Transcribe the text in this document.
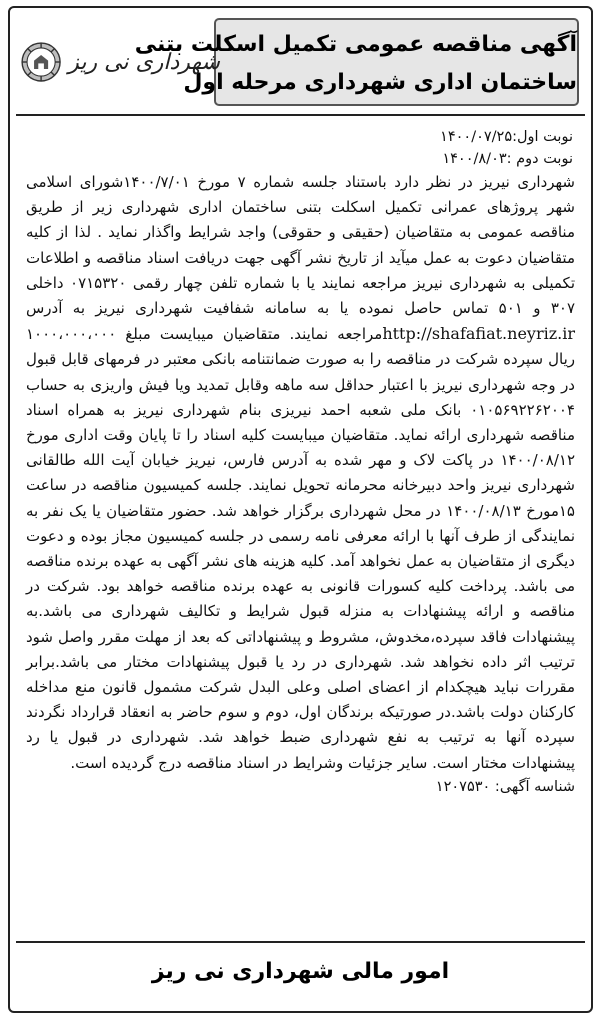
آگهی مناقصه عمومی تکمیل اسکلت بتنی
ساختمان اداری شهرداری مرحله اول
شهرداری نی ریز
نوبت اول:۱۴۰۰/۰۷/۲۵
نوبت دوم :۱۴۰۰/۸/۰۳
شهرداری نیریز در نظر دارد باستناد جلسه شماره ۷ مورخ ۱۴۰۰/۷/۰۱شورای اسلامی شهر پروژهای عمرانی تکمیل اسکلت بتنی ساختمان اداری شهرداری زیر از طریق مناقصه عمومی به متقاضیان (حقیقی و حقوقی) واجد شرایط واگذار نماید . لذا از کلیه متقاضیان دعوت به عمل میآید از تاریخ نشر آگهی جهت دریافت اسناد مناقصه و اطلاعات تکمیلی به شهرداری نیریز مراجعه نمایند یا با شماره تلفن چهار رقمی ۰۷۱۵۳۲۰ داخلی ۳۰۷ و ۵۰۱ تماس حاصل نموده یا به سامانه شفافیت شهرداری نیریز به آدرس http://shafafiat.neyriz.irمراجعه نمایند. متقاضیان میبایست مبلغ ۱۰۰۰،۰۰۰،۰۰۰ ریال سپرده شرکت در مناقصه را به صورت ضمانتنامه بانکی معتبر در فرمهای قابل قبول در وجه شهرداری نیریز با اعتبار حداقل سه ماهه وقابل تمدید ویا فیش واریزی به حساب ۰۱۰۵۶۹۲۲۶۲۰۰۴ بانک ملی شعبه احمد نیریزی بنام شهرداری نیریز به همراه اسناد مناقصه شهرداری ارائه نماید. متقاضیان میبایست کلیه اسناد را تا پایان وقت اداری مورخ ۱۴۰۰/۰۸/۱۲ در پاکت لاک و مهر شده به آدرس فارس، نیریز خیابان آیت الله طالقانی شهرداری نیریز واحد دبیرخانه محرمانه تحویل نمایند. جلسه کمیسیون مناقصه در ساعت ۱۵مورخ ۱۴۰۰/۰۸/۱۳ در محل شهرداری برگزار خواهد شد. حضور متقاضیان یا یک نفر به نمایندگی از طرف آنها با ارائه معرفی نامه رسمی در جلسه کمیسیون مجاز بوده و دعوت دیگری از متقاضیان به عمل نخواهد آمد. کلیه هزینه های نشر آگهی به عهده برنده مناقصه می باشد. پرداخت کلیه کسورات قانونی به عهده برنده مناقصه خواهد بود. شرکت در مناقصه و ارائه پیشنهادات به منزله قبول شرایط و تکالیف شهرداری می باشد.به پیشنهادات فاقد سپرده،مخدوش، مشروط و پیشنهاداتی که بعد از مهلت مقرر واصل شود ترتیب اثر داده نخواهد شد. شهرداری در رد یا قبول پیشنهادات مختار می باشد.برابر مقررات نباید هیچکدام از اعضای اصلی وعلی البدل شرکت مشمول قانون منع مداخله کارکنان دولت باشد.در صورتیکه برندگان اول، دوم و سوم حاضر به انعقاد قرارداد نگردند سپرده آنها به ترتیب به نفع شهرداری ضبط خواهد شد. شهرداری در قبول یا رد پیشنهادات مختار است. سایر جزئیات وشرایط در اسناد مناقصه درج گردیده است.
شناسه آگهی: ۱۲۰۷۵۳۰
امور مالی شهرداری نی ریز
